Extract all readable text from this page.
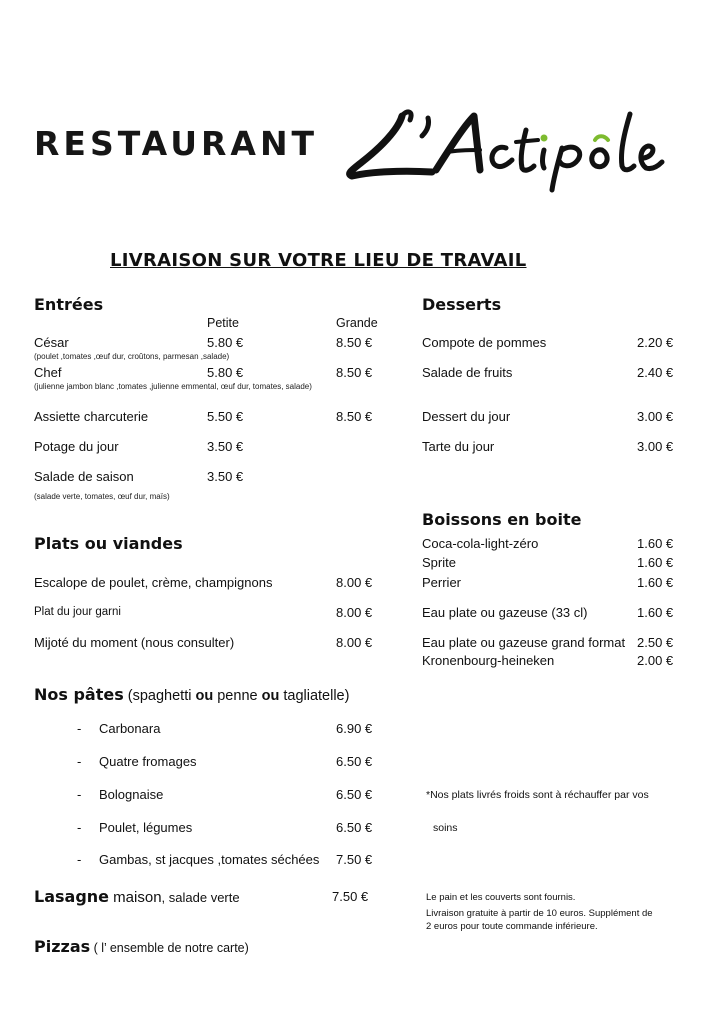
RESTAURANT
LIVRAISON SUR VOTRE LIEU DE TRAVAIL
Entrées
Petite	Grande
César	5.80 €	8.50 €
(poulet ,tomates ,œuf dur, croûtons, parmesan ,salade)
Chef	5.80 €	8.50 €
(julienne jambon blanc ,tomates ,julienne emmental, œuf dur, tomates, salade)
Assiette charcuterie	5.50 €	8.50 €
Potage du jour	3.50 €
Salade de saison	3.50 €
(salade verte, tomates, œuf dur, maïs)
Plats ou viandes
Escalope de poulet, crème, champignons	8.00 €
Plat du jour garni	8.00 €
Mijoté du moment (nous consulter)	8.00 €
Nos pâtes (spaghetti ou penne ou tagliatelle)
- Carbonara	6.90 €
- Quatre fromages	6.50 €
- Bolognaise	6.50 €
- Poulet, légumes	6.50 €
- Gambas, st jacques ,tomates séchées 7.50 €
Lasagne maison, salade verte	7.50 €
Pizzas ( l’ ensemble de notre carte)
Desserts
Compote de pommes	2.20 €
Salade de fruits	2.40 €
Dessert du jour	3.00 €
Tarte du jour	3.00 €
Boissons en boite
Coca-cola-light-zéro	1.60 €
Sprite	1.60 €
Perrier	1.60 €
Eau plate ou gazeuse (33 cl)	1.60 €
Eau plate ou gazeuse grand format 2.50 €
Kronenbourg-heineken	2.00 €
*Nos plats livrés froids sont à réchauffer par vos
soins
Le pain et les couverts sont fournis.
Livraison gratuite à partir de 10 euros. Supplément de
2 euros pour toute commande inférieure.
